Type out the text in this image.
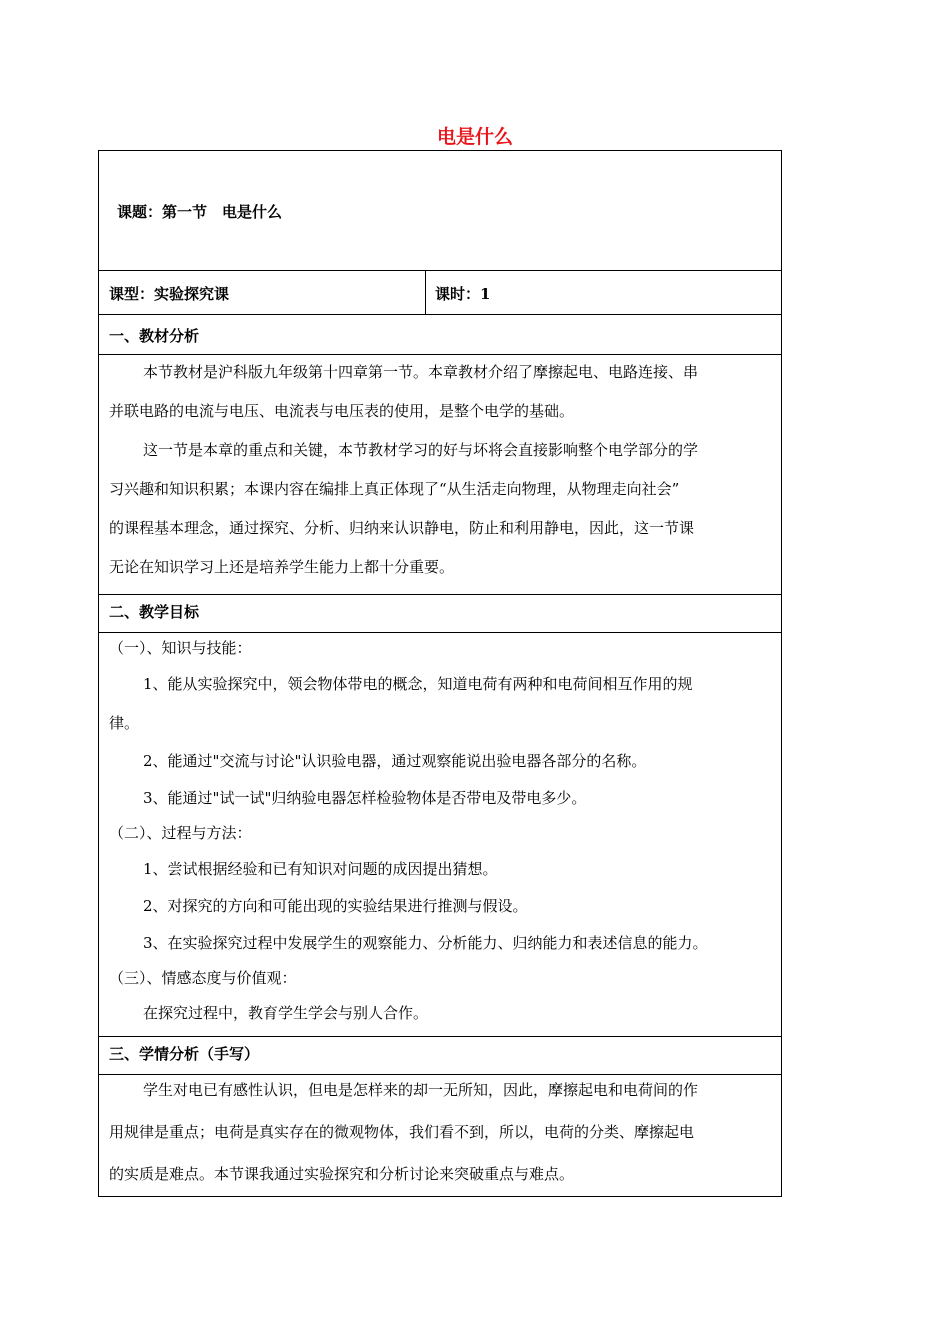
电是什么
课题：第一节　电是什么
课型：实验探究课	课时：1
一、教材分析
本节教材是沪科版九年级第十四章第一节。本章教材介绍了摩擦起电、电路连接、串
并联电路的电流与电压、电流表与电压表的使用，是整个电学的基础。
这一节是本章的重点和关键，本节教材学习的好与坏将会直接影响整个电学部分的学
习兴趣和知识积累；本课内容在编排上真正体现了“从生活走向物理，从物理走向社会”
的课程基本理念，通过探究、分析、归纳来认识静电，防止和利用静电，因此，这一节课
无论在知识学习上还是培养学生能力上都十分重要。
二、教学目标
（一）、知识与技能：
1、能从实验探究中，领会物体带电的概念，知道电荷有两种和电荷间相互作用的规
律。
2、能通过"交流与讨论"认识验电器，通过观察能说出验电器各部分的名称。
3、能通过"试一试"归纳验电器怎样检验物体是否带电及带电多少。
（二）、过程与方法：
1、尝试根据经验和已有知识对问题的成因提出猜想。
2、对探究的方向和可能出现的实验结果进行推测与假设。
3、在实验探究过程中发展学生的观察能力、分析能力、归纳能力和表述信息的能力。
（三）、情感态度与价值观：
在探究过程中，教育学生学会与别人合作。
三、学情分析（手写）
学生对电已有感性认识，但电是怎样来的却一无所知，因此，摩擦起电和电荷间的作
用规律是重点；电荷是真实存在的微观物体，我们看不到，所以，电荷的分类、摩擦起电
的实质是难点。本节课我通过实验探究和分析讨论来突破重点与难点。
